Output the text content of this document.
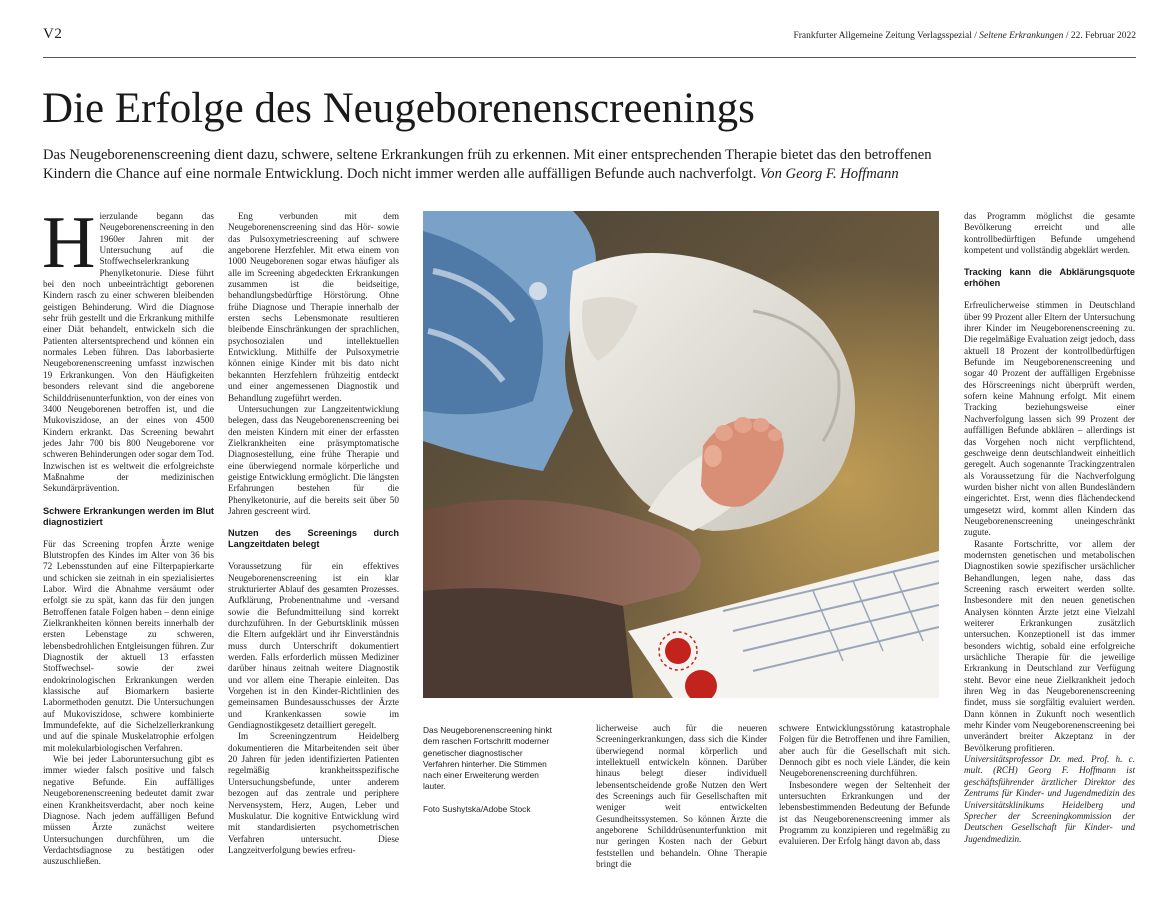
V2	Frankfurter Allgemeine Zeitung Verlagsspezial / Seltene Erkrankungen / 22. Februar 2022
Die Erfolge des Neugeborenenscreenings
Das Neugeborenenscreening dient dazu, schwere, seltene Erkrankungen früh zu erkennen. Mit einer entsprechenden Therapie bietet das den betroffenen Kindern die Chance auf eine normale Entwicklung. Doch nicht immer werden alle auffälligen Befunde auch nachverfolgt. Von Georg F. Hoffmann

Hierzulande begann das Neugeborenenscreening in den 1960er Jahren mit der Untersuchung auf die Stoffwechselerkrankung Phenylketonurie. Diese führt bei den noch unbeeinträchtigt geborenen Kindern rasch zu einer schweren bleibenden geistigen Behinderung. Wird die Diagnose sehr früh gestellt und die Erkrankung mithilfe einer Diät behandelt, entwickeln sich die Patienten altersentsprechend und können ein normales Leben führen. Das laborbasierte Neugeborenenscreening umfasst inzwischen 19 Erkrankungen. Von den Häufigkeiten besonders relevant sind die angeborene Schilddrüsenunterfunktion, von der eines von 3400 Neugeborenen betroffen ist, und die Mukoviszidose, an der eines von 4500 Kindern erkrankt. Das Screening bewahrt jedes Jahr 700 bis 800 Neugeborene vor schweren Behinderungen oder sogar dem Tod. Inzwischen ist es weltweit die erfolgreichste Maßnahme der medizinischen Sekundärprävention.

Schwere Erkrankungen werden im Blut diagnostiziert

Für das Screening tropfen Ärzte wenige Blutstropfen des Kindes im Alter von 36 bis 72 Lebensstunden auf eine Filterpapierkarte und schicken sie zeitnah in ein spezialisiertes Labor. Wird die Abnahme versäumt oder erfolgt sie zu spät, kann das für den jungen Betroffenen fatale Folgen haben – denn einige Zielkrankheiten können bereits innerhalb der ersten Lebenstage zu schweren, lebensbedrohlichen Entgleisungen führen. Zur Diagnostik der aktuell 13 erfassten Stoffwechsel- sowie der zwei endokrinologischen Erkrankungen werden klassische auf Biomarkern basierte Labormethoden genutzt. Die Untersuchungen auf Mukoviszidose, schwere kombinierte Immundefekte, auf die Sichelzellerkrankung und auf die spinale Muskelatrophie erfolgen mit molekularbiologischen Verfahren.

Wie bei jeder Laboruntersuchung gibt es immer wieder falsch positive und falsch negative Befunde. Ein auffälliges Neugeborenenscreening bedeutet damit zwar einen Krankheitsverdacht, aber noch keine Diagnose. Nach jedem auffälligen Befund müssen Ärzte zunächst weitere Untersuchungen durchführen, um die Verdachtsdiagnose zu bestätigen oder auszuschließen.

Eng verbunden mit dem Neugeborenenscreening sind das Hör- sowie das Pulsoxymetriescreening auf schwere angeborene Herzfehler. Mit etwa einem von 1000 Neugeborenen sogar etwas häufiger als alle im Screening abgedeckten Erkrankungen zusammen ist die beidseitige, behandlungsbedürftige Hörstörung. Ohne frühe Diagnose und Therapie innerhalb der ersten sechs Lebensmonate resultieren bleibende Einschränkungen der sprachlichen, psychosozialen und intellektuellen Entwicklung. Mithilfe der Pulsoxymetrie können einige Kinder mit bis dato nicht bekannten Herzfehlern frühzeitig entdeckt und einer angemessenen Diagnostik und Behandlung zugeführt werden.

Untersuchungen zur Langzeitentwicklung belegen, dass das Neugeborenenscreening bei den meisten Kindern mit einer der erfassten Zielkrankheiten eine präsymptomatische Diagnosestellung, eine frühe Therapie und eine überwiegend normale körperliche und geistige Entwicklung ermöglicht. Die längsten Erfahrungen bestehen für die Phenylketonurie, auf die bereits seit über 50 Jahren gescreent wird.

Nutzen des Screenings durch Langzeitdaten belegt

Voraussetzung für ein effektives Neugeborenenscreening ist ein klar strukturierter Ablauf des gesamten Prozesses. Aufklärung, Probenentnahme und -versand sowie die Befundmitteilung sind korrekt durchzuführen. In der Geburtsklinik müssen die Eltern aufgeklärt und ihr Einverständnis muss durch Unterschrift dokumentiert werden. Falls erforderlich müssen Mediziner darüber hinaus zeitnah weitere Diagnostik und vor allem eine Therapie einleiten. Das Vorgehen ist in den Kinder-Richtlinien des gemeinsamen Bundesausschusses der Ärzte und Krankenkassen sowie im Gendiagnostikgesetz detailliert geregelt.

Im Screeningzentrum Heidelberg dokumentieren die Mitarbeitenden seit über 20 Jahren für jeden identifizierten Patienten regelmäßig krankheitsspezifische Untersuchungsbefunde, unter anderem bezogen auf das zentrale und periphere Nervensystem, Herz, Augen, Leber und Muskulatur. Die kognitive Entwicklung wird mit standardisierten psychometrischen Verfahren untersucht. Diese Langzeitverfolgung bewies erfreu-

Das Neugeborenenscreening hinkt dem raschen Fortschritt moderner genetischer diagnostischer Verfahren hinterher. Die Stimmen nach einer Erweiterung werden lauter.
Foto Sushytska/Adobe Stock

licherweise auch für die neueren Screeningerkrankungen, dass sich die Kinder überwiegend normal körperlich und intellektuell entwickeln können. Darüber hinaus belegt dieser individuell lebensentscheidende große Nutzen den Wert des Screenings auch für Gesellschaften mit weniger weit entwickelten Gesundheitssystemen. So können Ärzte die angeborene Schilddrüsenunterfunktion mit nur geringen Kosten nach der Geburt feststellen und behandeln. Ohne Therapie bringt die

schwere Entwicklungsstörung katastrophale Folgen für die Betroffenen und ihre Familien, aber auch für die Gesellschaft mit sich. Dennoch gibt es noch viele Länder, die kein Neugeborenenscreening durchführen.

Insbesondere wegen der Seltenheit der untersuchten Erkrankungen und der lebensbestimmenden Bedeutung der Befunde ist das Neugeborenenscreening immer als Programm zu konzipieren und regelmäßig zu evaluieren. Der Erfolg hängt davon ab, dass

das Programm möglichst die gesamte Bevölkerung erreicht und alle kontrollbedürftigen Befunde umgehend kompetent und vollständig abgeklärt werden.

Tracking kann die Abklärungsquote erhöhen

Erfreulicherweise stimmen in Deutschland über 99 Prozent aller Eltern der Untersuchung ihrer Kinder im Neugeborenenscreening zu. Die regelmäßige Evaluation zeigt jedoch, dass aktuell 18 Prozent der kontrollbedürftigen Befunde im Neugeborenenscreening und sogar 40 Prozent der auffälligen Ergebnisse des Hörscreenings nicht überprüft werden, sofern keine Mahnung erfolgt. Mit einem Tracking beziehungsweise einer Nachverfolgung lassen sich 99 Prozent der auffälligen Befunde abklären – allerdings ist das Vorgehen noch nicht verpflichtend, geschweige denn deutschlandweit einheitlich geregelt. Auch sogenannte Trackingzentralen als Voraussetzung für die Nachverfolgung wurden bisher nicht von allen Bundesländern eingerichtet. Erst, wenn dies flächendeckend umgesetzt wird, kommt allen Kindern das Neugeborenenscreening uneingeschränkt zugute.

Rasante Fortschritte, vor allem der modernsten genetischen und metabolischen Diagnostiken sowie spezifischer ursächlicher Behandlungen, legen nahe, dass das Screening rasch erweitert werden sollte. Insbesondere mit den neuen genetischen Analysen könnten Ärzte jetzt eine Vielzahl weiterer Erkrankungen zusätzlich untersuchen. Konzeptionell ist das immer besonders wichtig, sobald eine erfolgreiche ursächliche Therapie für die jeweilige Erkrankung in Deutschland zur Verfügung steht. Bevor eine neue Zielkrankheit jedoch ihren Weg in das Neugeborenenscreening findet, muss sie sorgfältig evaluiert werden. Dann können in Zukunft noch wesentlich mehr Kinder vom Neugeborenenscreening bei unverändert breiter Akzeptanz in der Bevölkerung profitieren.

Universitätsprofessor Dr. med. Prof. h. c. mult. (RCH) Georg F. Hoffmann ist geschäftsführender ärztlicher Direktor des Zentrums für Kinder- und Jugendmedizin des Universitätsklinikums Heidelberg und Sprecher der Screeningkommission der Deutschen Gesellschaft für Kinder- und Jugendmedizin.
